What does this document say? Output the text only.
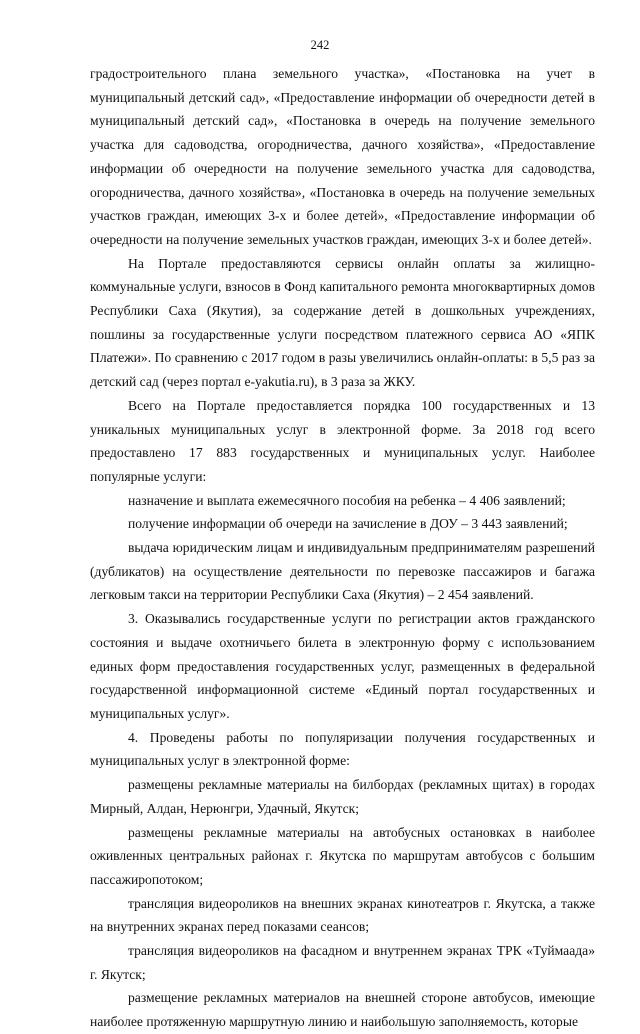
242

градостроительного плана земельного участка», «Постановка на учет в муниципальный детский сад», «Предоставление информации об очередности детей в муниципальный детский сад», «Постановка в очередь на получение земельного участка для садоводства, огородничества, дачного хозяйства», «Предоставление информации об очередности на получение земельного участка для садоводства, огородничества, дачного хозяйства», «Постановка в очередь на получение земельных участков граждан, имеющих 3-х и более детей», «Предоставление информации об очередности на получение земельных участков граждан, имеющих 3-х и более детей».

На Портале предоставляются сервисы онлайн оплаты за жилищно-коммунальные услуги, взносов в Фонд капитального ремонта многоквартирных домов Республики Саха (Якутия), за содержание детей в дошкольных учреждениях, пошлины за государственные услуги посредством платежного сервиса АО «ЯПК Платежи». По сравнению с 2017 годом в разы увеличились онлайн-оплаты: в 5,5 раз за детский сад (через портал e-yakutia.ru), в 3 раза за ЖКУ.

Всего на Портале предоставляется порядка 100 государственных и 13 уникальных муниципальных услуг в электронной форме. За 2018 год всего предоставлено 17 883 государственных и муниципальных услуг. Наиболее популярные услуги:

назначение и выплата ежемесячного пособия на ребенка – 4 406 заявлений;

получение информации об очереди на зачисление в ДОУ – 3 443 заявлений;

выдача юридическим лицам и индивидуальным предпринимателям разрешений (дубликатов) на осуществление деятельности по перевозке пассажиров и багажа легковым такси на территории Республики Саха (Якутия) – 2 454 заявлений.

3. Оказывались государственные услуги по регистрации актов гражданского состояния и выдаче охотничьего билета в электронную форму с использованием единых форм предоставления государственных услуг, размещенных в федеральной государственной информационной системе «Единый портал государственных и муниципальных услуг».

4. Проведены работы по популяризации получения государственных и муниципальных услуг в электронной форме:

размещены рекламные материалы на билбордах (рекламных щитах) в городах Мирный, Алдан, Нерюнгри, Удачный, Якутск;

размещены рекламные материалы на автобусных остановках в наиболее оживленных центральных районах г. Якутска по маршрутам автобусов с большим пассажиропотоком;

трансляция видеороликов на внешних экранах кинотеатров г. Якутска, а также на внутренних экранах перед показами сеансов;

трансляция видеороликов на фасадном и внутреннем экранах ТРК «Туймаада» г. Якутск;

размещение рекламных материалов на внешней стороне автобусов, имеющие наиболее протяженную маршрутную линию и наибольшую заполняемость, которые
